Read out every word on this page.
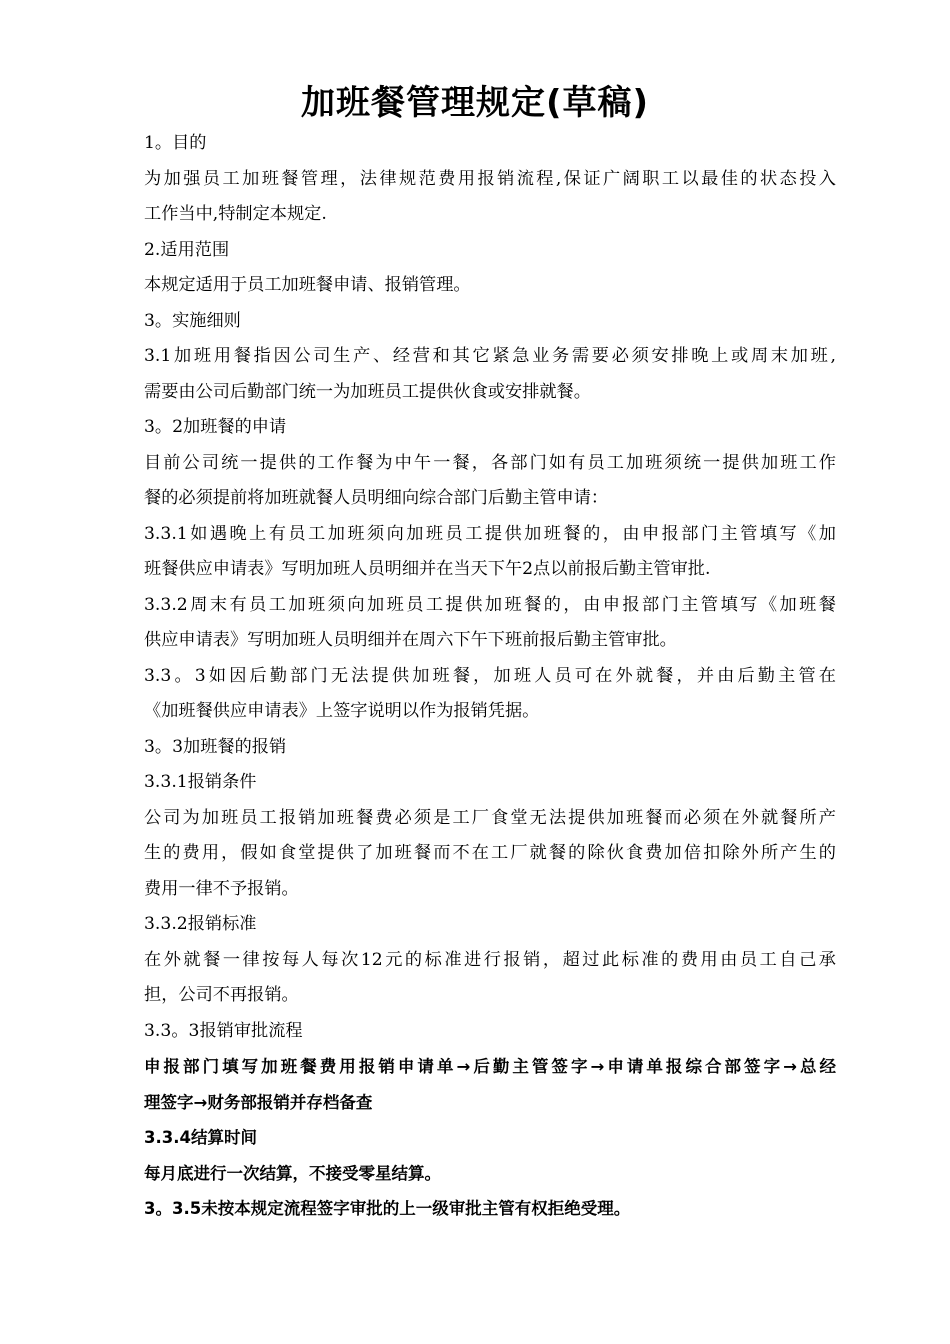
加班餐管理规定(草稿)

1。目的

为加强员工加班餐管理，法律规范费用报销流程,保证广阔职工以最佳的状态投入

工作当中,特制定本规定.

2.适用范围

本规定适用于员工加班餐申请、报销管理。

3。实施细则

3.1加班用餐指因公司生产、经营和其它紧急业务需要必须安排晚上或周末加班,

需要由公司后勤部门统一为加班员工提供伙食或安排就餐。

3。2加班餐的申请

目前公司统一提供的工作餐为中午一餐，各部门如有员工加班须统一提供加班工作

餐的必须提前将加班就餐人员明细向综合部门后勤主管申请：

3.3.1如遇晚上有员工加班须向加班员工提供加班餐的，由申报部门主管填写《加

班餐供应申请表》写明加班人员明细并在当天下午2点以前报后勤主管审批.

3.3.2周末有员工加班须向加班员工提供加班餐的，由申报部门主管填写《加班餐

供应申请表》写明加班人员明细并在周六下午下班前报后勤主管审批。

3.3。3如因后勤部门无法提供加班餐，加班人员可在外就餐，并由后勤主管在

《加班餐供应申请表》上签字说明以作为报销凭据。

3。3加班餐的报销

3.3.1报销条件

公司为加班员工报销加班餐费必须是工厂食堂无法提供加班餐而必须在外就餐所产

生的费用，假如食堂提供了加班餐而不在工厂就餐的除伙食费加倍扣除外所产生的

费用一律不予报销。

3.3.2报销标准

在外就餐一律按每人每次12元的标准进行报销，超过此标准的费用由员工自己承

担，公司不再报销。

3.3。3报销审批流程

申报部门填写加班餐费用报销申请单→后勤主管签字→申请单报综合部签字→总经

理签字→财务部报销并存档备查

3.3.4结算时间

每月底进行一次结算，不接受零星结算。

3。3.5未按本规定流程签字审批的上一级审批主管有权拒绝受理。
